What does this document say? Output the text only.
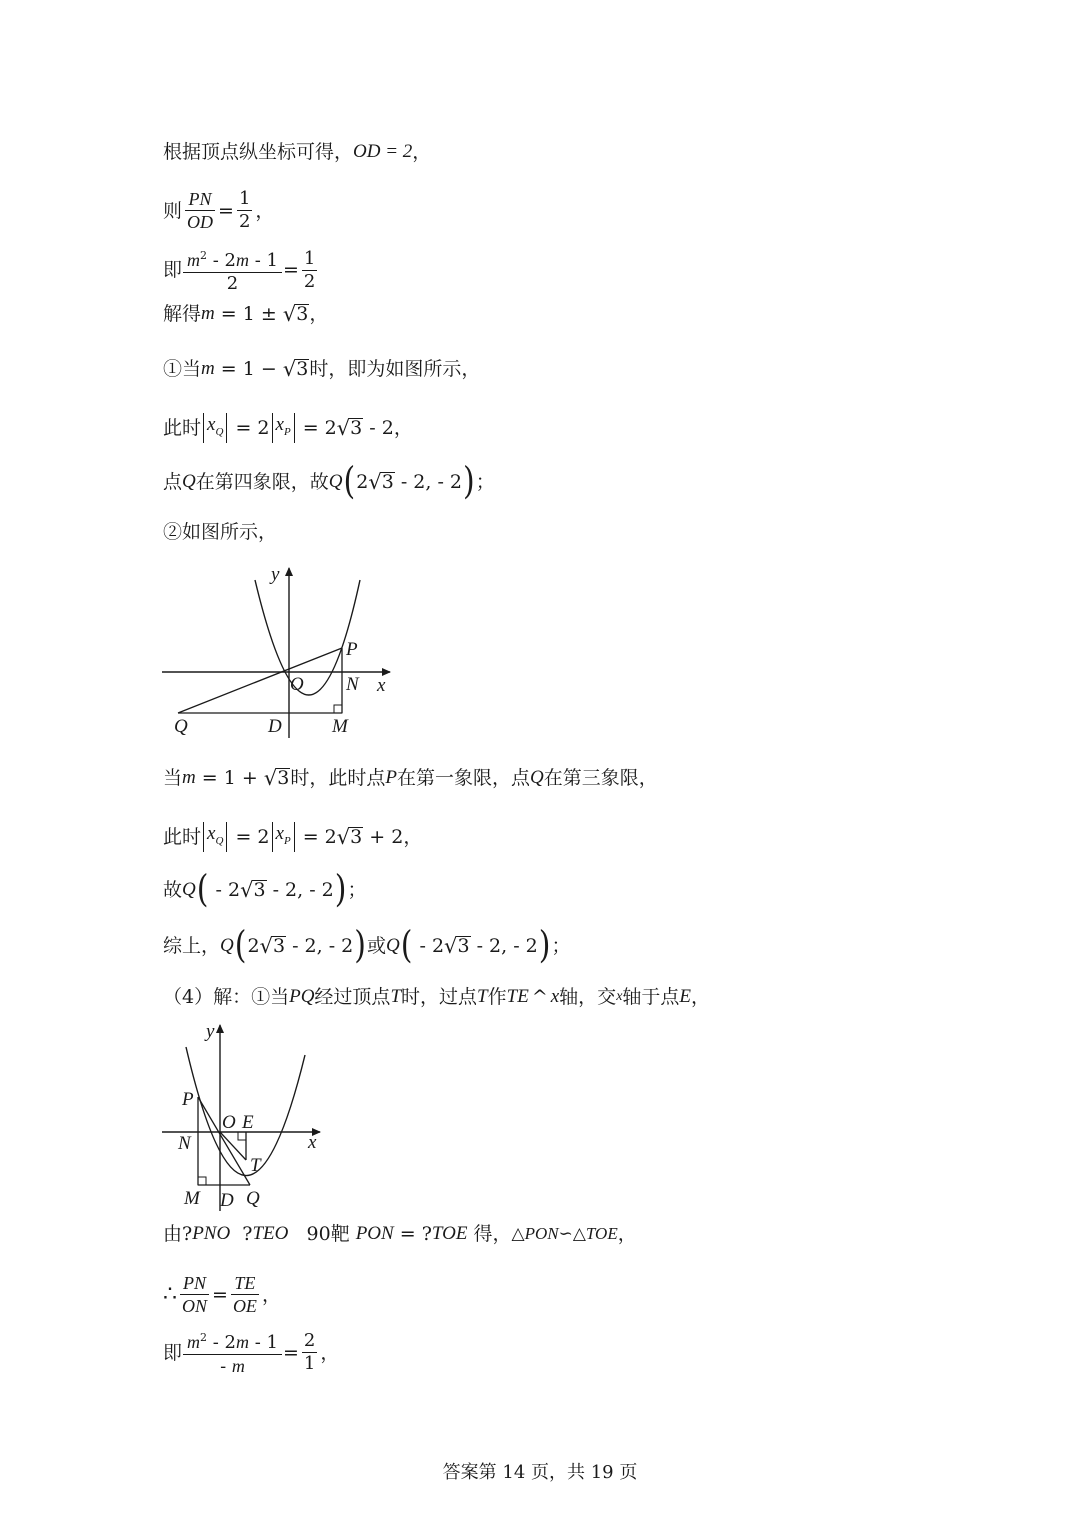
根据顶点纵坐标可得， OD = 2 ，
则 $\frac{PN}{OD} = \frac{1}{2}$ ，
即 $\frac{m^2 - 2m - 1}{2} = \frac{1}{2}$
解得 m = 1 ± √ 3 ，
①当 m = 1 − √ 3 时，即为如图所示，
此时 $x_Q = 2$ $x_P = 2$ √ 3 - 2 ，
点 Q 在第四象限，故 Q ( 2 √ 3 - 2, - 2 ) ；
②如图所示，
y
x
O
P
N
Q	D	M
当 m = 1 + √ 3 时，此时点 P 在第一象限，点 Q 在第三象限，
此时 $x_Q = 2$ $x_P = 2$ √ 3 + 2 ，
故 Q ( - 2 √ 3 - 2, - 2 ) ；
综上， Q ( 2 √ 3 - 2, - 2 ) 或 Q ( - 2 √ 3 - 2, - 2 ) ；
（4）解：①当 PQ 经过顶点 T 时，过点 T 作 TE ^ x 轴，交 x 轴于点 E ，
y
x
O E
P
N
T
M D Q
由? PNO ? TEO 90靶 PON = ? TOE 得， △PON∽△TOE ，
∴ $\frac{PN}{ON} = \frac{TE}{OE}$ ，
即 $\frac{m^2 - 2m - 1}{- m} = \frac{2}{1}$ ，
答案第 14 页，共 19 页
